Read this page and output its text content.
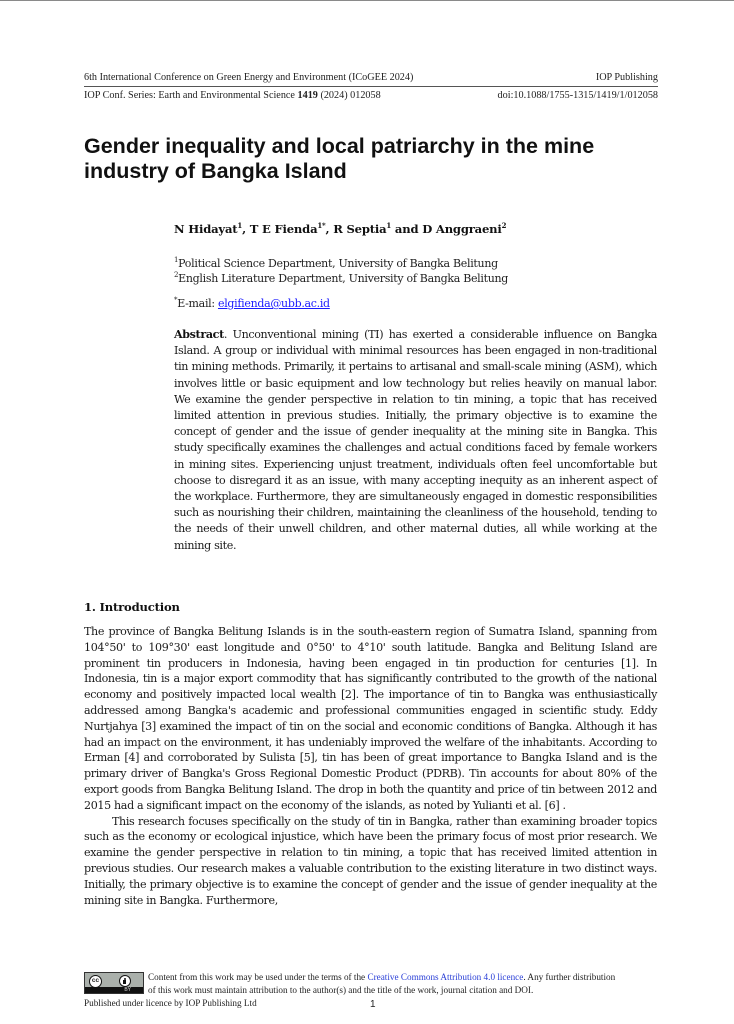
6th International Conference on Green Energy and Environment (ICoGEE 2024)	IOP Publishing
IOP Conf. Series: Earth and Environmental Science 1419 (2024) 012058	doi:10.1088/1755-1315/1419/1/012058
Gender inequality and local patriarchy in the mine industry of Bangka Island
N Hidayat$^1$, T E Fienda$^{1*}$, R Septia$^1$ and D Anggraeni$^2$
$^1$Political Science Department, University of Bangka Belitung
$^2$English Literature Department, University of Bangka Belitung
*E-mail: elgifienda@ubb.ac.id
Abstract. Unconventional mining (TI) has exerted a considerable influence on Bangka Island. A group or individual with minimal resources has been engaged in non-traditional tin mining methods. Primarily, it pertains to artisanal and small-scale mining (ASM), which involves little or basic equipment and low technology but relies heavily on manual labor. We examine the gender perspective in relation to tin mining, a topic that has received limited attention in previous studies. Initially, the primary objective is to examine the concept of gender and the issue of gender inequality at the mining site in Bangka. This study specifically examines the challenges and actual conditions faced by female workers in mining sites. Experiencing unjust treatment, individuals often feel uncomfortable but choose to disregard it as an issue, with many accepting inequity as an inherent aspect of the workplace. Furthermore, they are simultaneously engaged in domestic responsibilities such as nourishing their children, maintaining the cleanliness of the household, tending to the needs of their unwell children, and other maternal duties, all while working at the mining site.
1. Introduction

The province of Bangka Belitung Islands is in the south-eastern region of Sumatra Island, spanning from 104°50' to 109°30' east longitude and 0°50' to 4°10' south latitude. Bangka and Belitung Island are prominent tin producers in Indonesia, having been engaged in tin production for centuries [1]. In Indonesia, tin is a major export commodity that has significantly contributed to the growth of the national economy and positively impacted local wealth [2]. The importance of tin to Bangka was enthusiastically addressed among Bangka's academic and professional communities engaged in scientific study. Eddy Nurtjahya [3] examined the impact of tin on the social and economic conditions of Bangka. Although it has had an impact on the environment, it has undeniably improved the welfare of the inhabitants. According to Erman [4] and corroborated by Sulista [5], tin has been of great importance to Bangka Island and is the primary driver of Bangka's Gross Regional Domestic Product (PDRB). Tin accounts for about 80% of the export goods from Bangka Belitung Island. The drop in both the quantity and price of tin between 2012 and 2015 had a significant impact on the economy of the islands, as noted by Yulianti et al. [6] .

This research focuses specifically on the study of tin in Bangka, rather than examining broader topics such as the economy or ecological injustice, which have been the primary focus of most prior research. We examine the gender perspective in relation to tin mining, a topic that has received limited attention in previous studies. Our research makes a valuable contribution to the existing literature in two distinct ways. Initially, the primary objective is to examine the concept of gender and the issue of gender inequality at the mining site in Bangka. Furthermore,

cc
BY
Content from this work may be used under the terms of the Creative Commons Attribution 4.0 licence. Any further distribution
of this work must maintain attribution to the author(s) and the title of the work, journal citation and DOI.
Published under licence by IOP Publishing Ltd	1
